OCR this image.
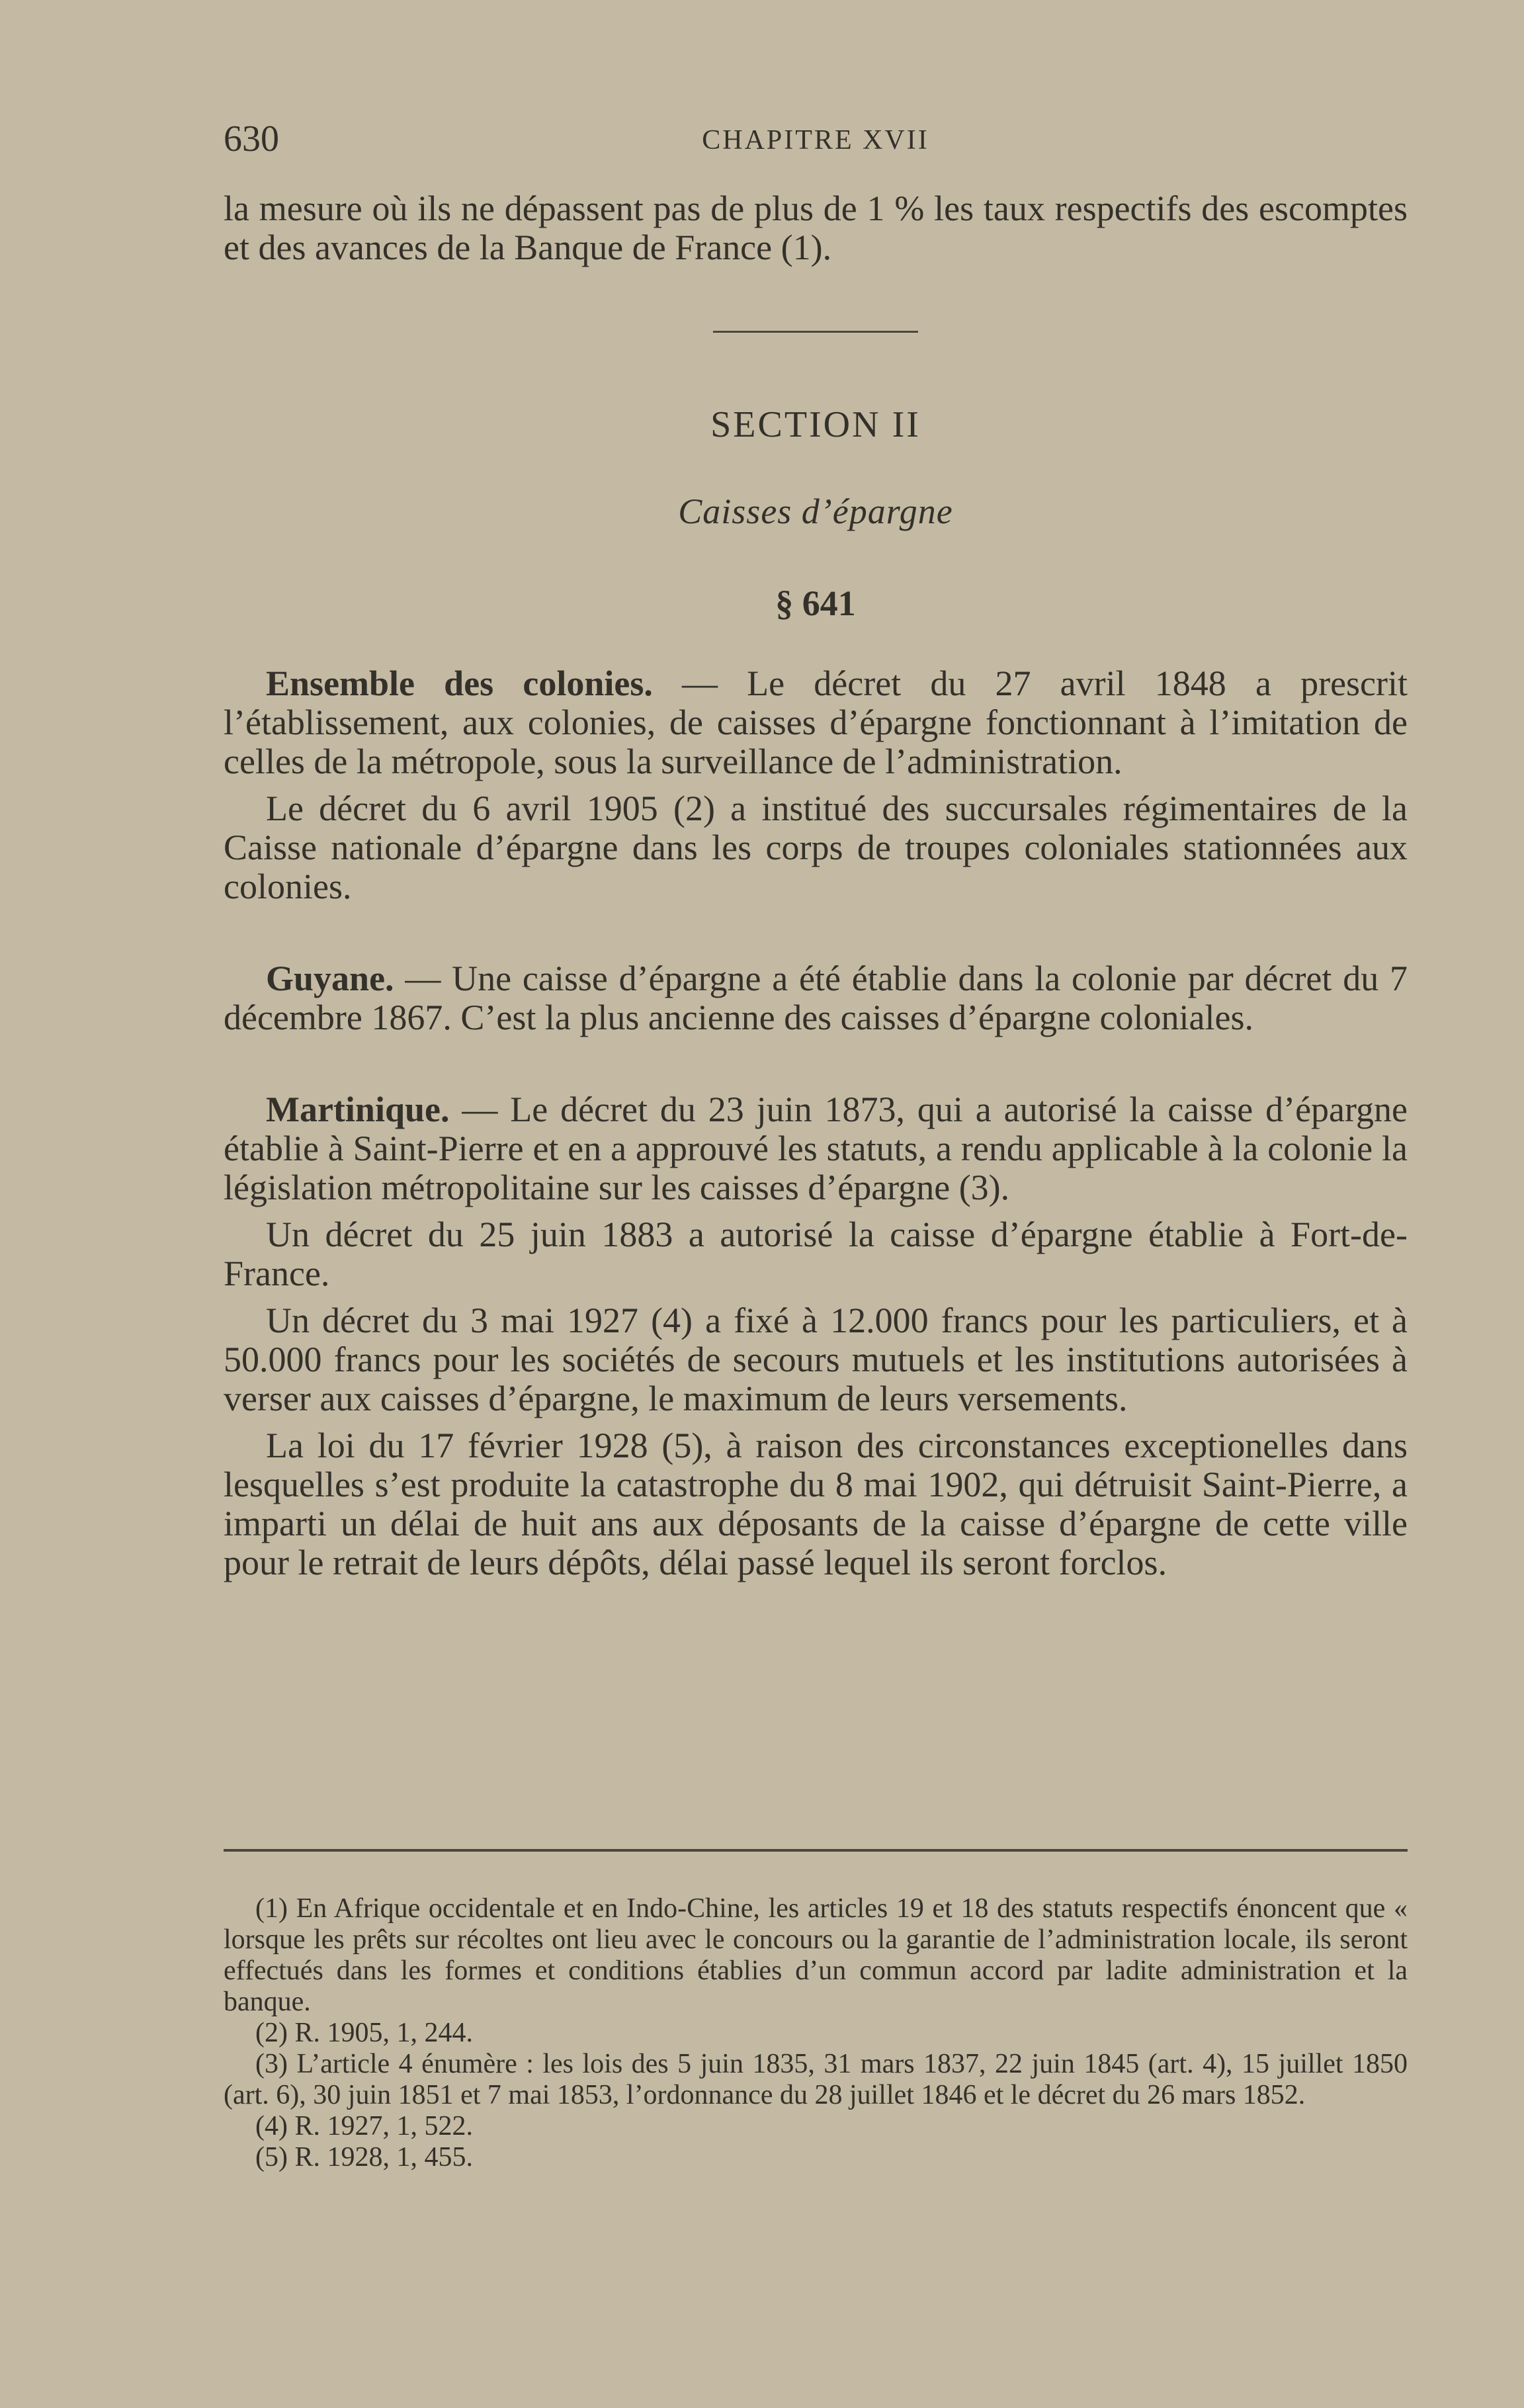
630	CHAPITRE XVII

la mesure où ils ne dépassent pas de plus de 1 % les taux respectifs des escomptes et des avances de la Banque de France (1).

SECTION II
Caisses d’épargne
§ 641

Ensemble des colonies. — Le décret du 27 avril 1848 a prescrit l’établissement, aux colonies, de caisses d’épargne fonctionnant à l’imitation de celles de la métropole, sous la surveillance de l’administration.

Le décret du 6 avril 1905 (2) a institué des succursales régimentaires de la Caisse nationale d’épargne dans les corps de troupes coloniales stationnées aux colonies.

Guyane. — Une caisse d’épargne a été établie dans la colonie par décret du 7 décembre 1867. C’est la plus ancienne des caisses d’épargne coloniales.

Martinique. — Le décret du 23 juin 1873, qui a autorisé la caisse d’épargne établie à Saint-Pierre et en a approuvé les statuts, a rendu applicable à la colonie la législation métropolitaine sur les caisses d’épargne (3).

Un décret du 25 juin 1883 a autorisé la caisse d’épargne établie à Fort-de-France.

Un décret du 3 mai 1927 (4) a fixé à 12.000 francs pour les particuliers, et à 50.000 francs pour les sociétés de secours mutuels et les institutions autorisées à verser aux caisses d’épargne, le maximum de leurs versements.

La loi du 17 février 1928 (5), à raison des circonstances exceptionelles dans lesquelles s’est produite la catastrophe du 8 mai 1902, qui détruisit Saint-Pierre, a imparti un délai de huit ans aux déposants de la caisse d’épargne de cette ville pour le retrait de leurs dépôts, délai passé lequel ils seront forclos.

(1) En Afrique occidentale et en Indo-Chine, les articles 19 et 18 des statuts respectifs énoncent que « lorsque les prêts sur récoltes ont lieu avec le concours ou la garantie de l’administration locale, ils seront effectués dans les formes et conditions établies d’un commun accord par ladite administration et la banque.

(2) R. 1905, 1, 244.

(3) L’article 4 énumère : les lois des 5 juin 1835, 31 mars 1837, 22 juin 1845 (art. 4), 15 juillet 1850 (art. 6), 30 juin 1851 et 7 mai 1853, l’ordonnance du 28 juillet 1846 et le décret du 26 mars 1852.

(4) R. 1927, 1, 522.

(5) R. 1928, 1, 455.
